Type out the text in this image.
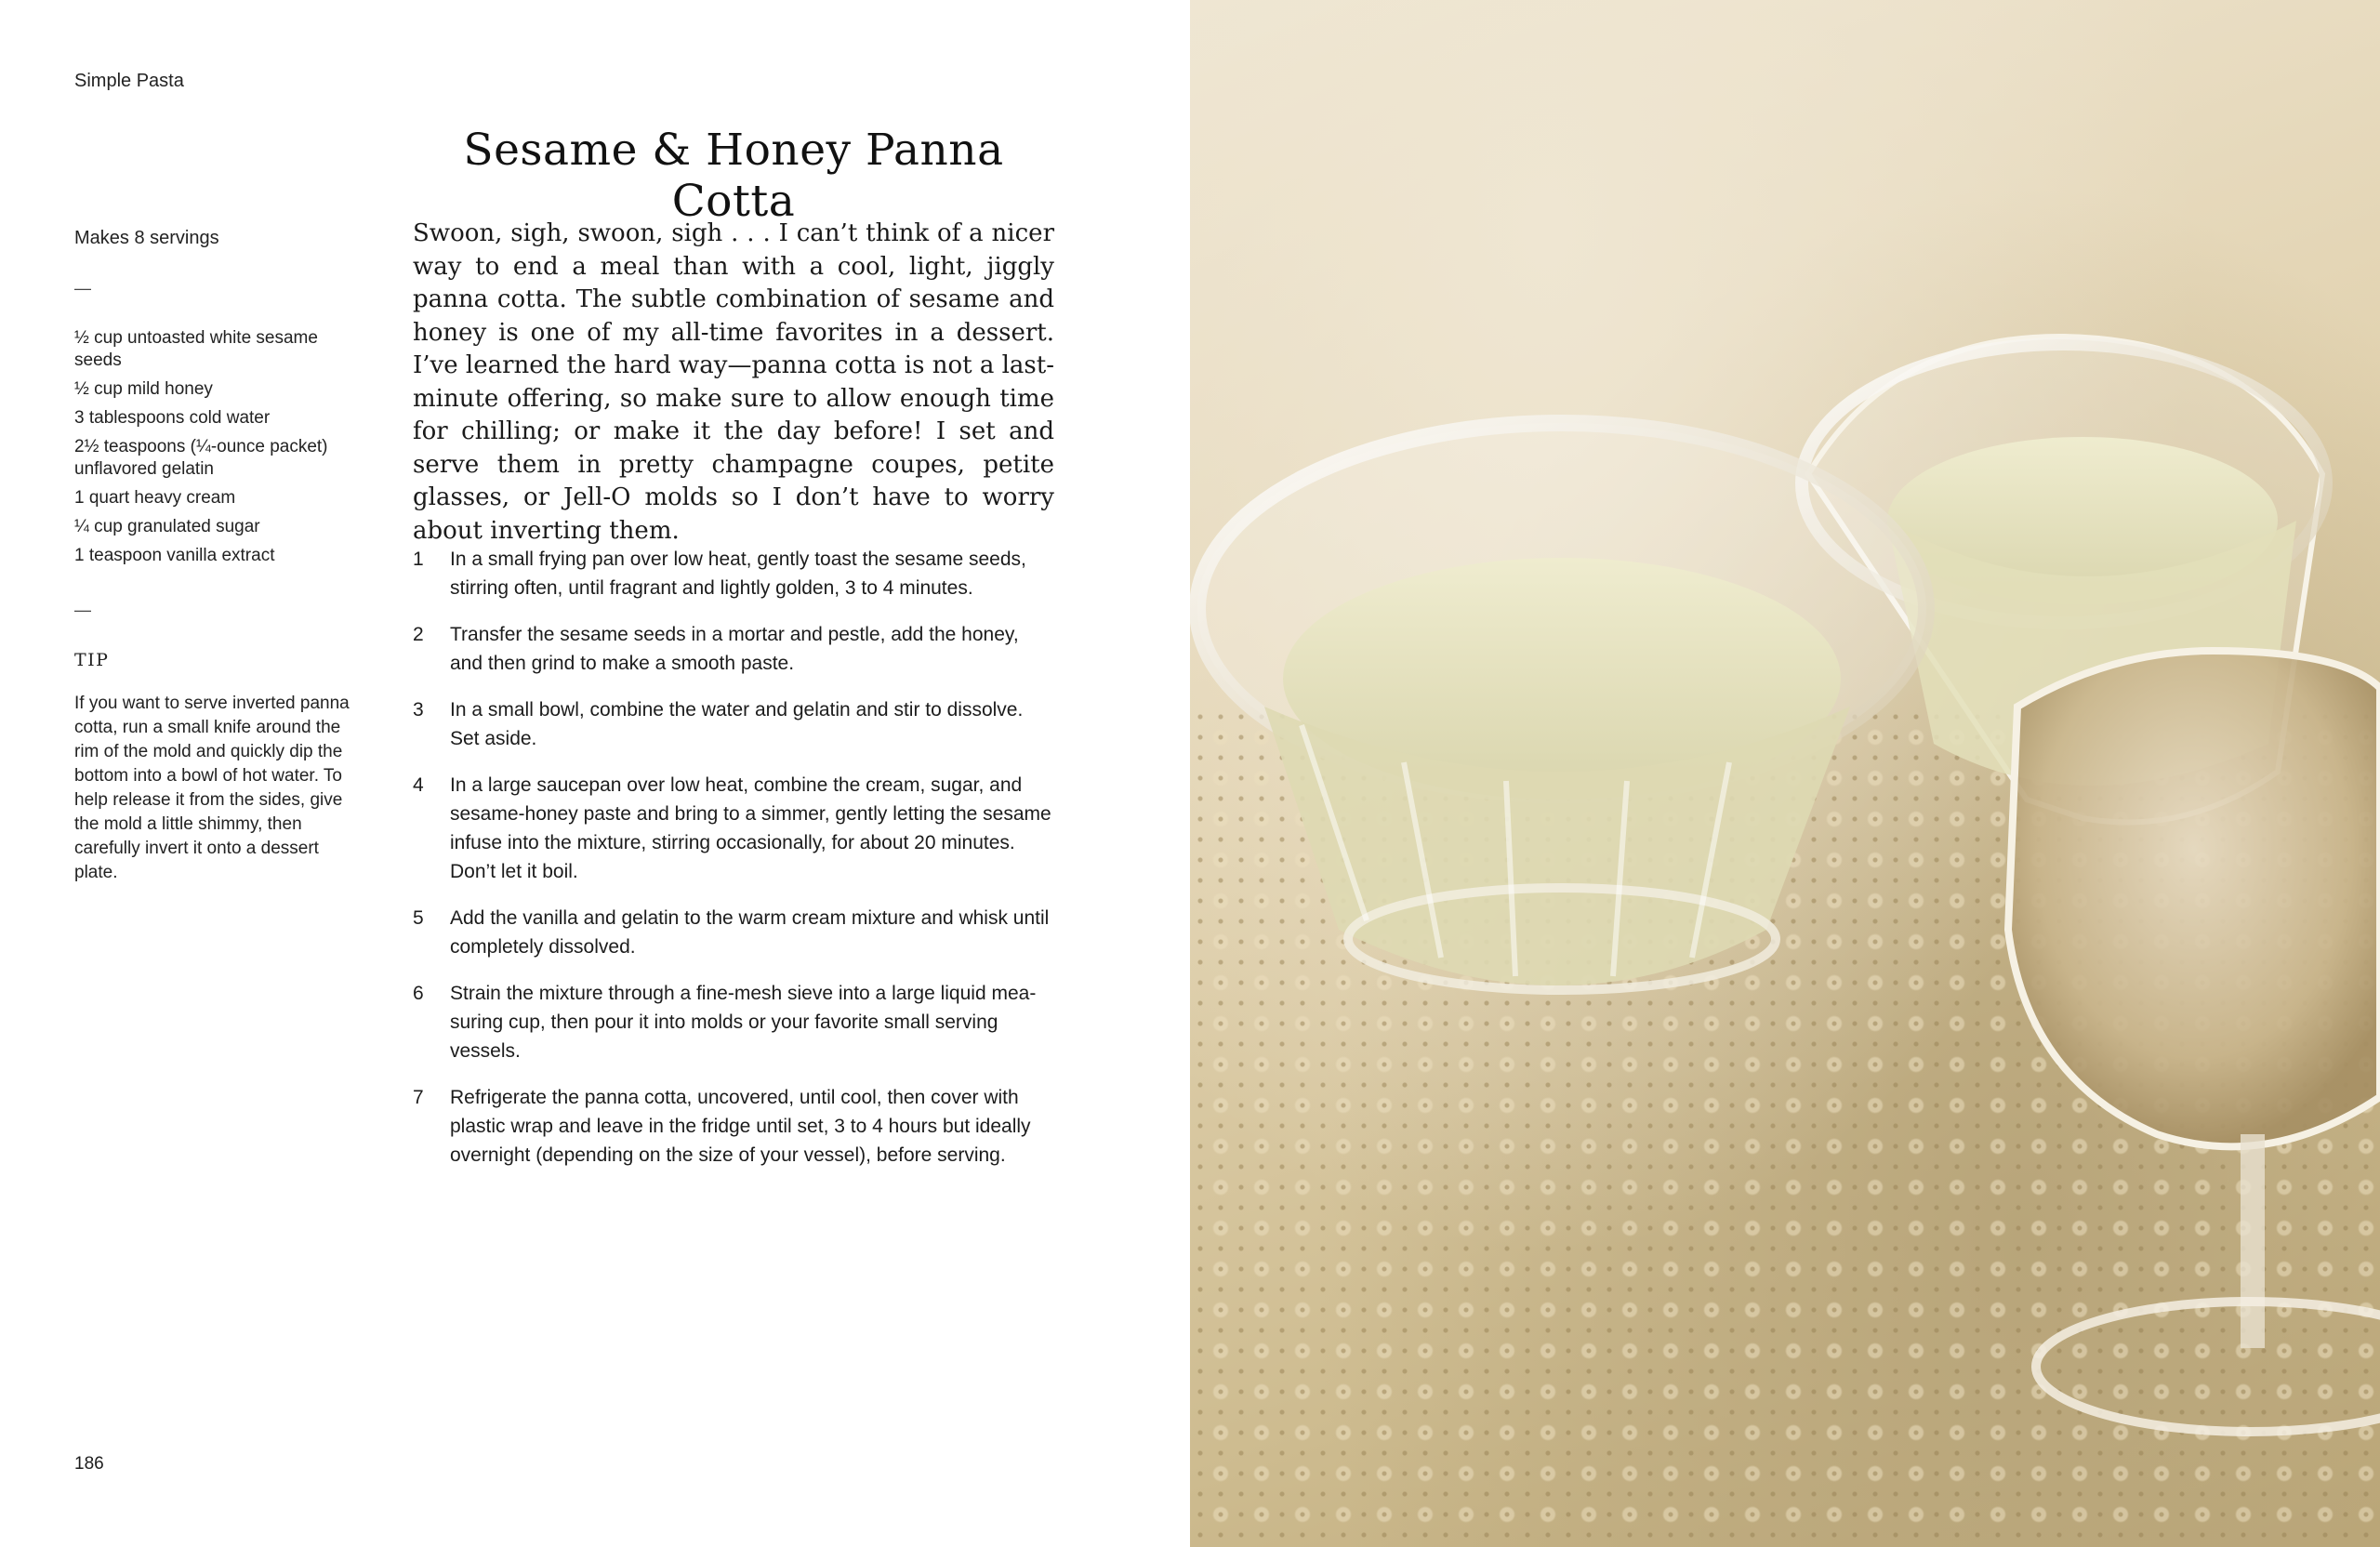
Simple Pasta
Sesame & Honey Panna Cotta

Makes 8 servings

—

½ cup untoasted white sesame seeds
½ cup mild honey
3 tablespoons cold water
2½ teaspoons (¼-ounce packet) unflavored gelatin
1 quart heavy cream
¼ cup granulated sugar
1 teaspoon vanilla extract

—

TIP

If you want to serve inverted panna cotta, run a small knife around the rim of the mold and quickly dip the bottom into a bowl of hot water. To help release it from the sides, give the mold a little shimmy, then carefully invert it onto a dessert plate.

Swoon, sigh, swoon, sigh . . . I can’t think of a nicer way to end a meal than with a cool, light, jiggly panna cotta. The subtle combination of sesame and honey is one of my all-time favorites in a dessert. I’ve learned the hard way—panna cotta is not a last-minute offering, so make sure to allow enough time for chilling; or make it the day before! I set and serve them in pretty champagne coupes, petite glasses, or Jell-O molds so I don’t have to worry about inverting them.

1	In a small frying pan over low heat, gently toast the sesame seeds, stirring often, until fragrant and lightly golden, 3 to 4 minutes.
2	Transfer the sesame seeds in a mortar and pestle, add the honey, and then grind to make a smooth paste.
3	In a small bowl, combine the water and gelatin and stir to dissolve. Set aside.
4	In a large saucepan over low heat, combine the cream, sugar, and sesame-honey paste and bring to a simmer, gently letting the sesame infuse into the mixture, stirring occasionally, for about 20 minutes. Don’t let it boil.
5	Add the vanilla and gelatin to the warm cream mixture and whisk until completely dissolved.
6	Strain the mixture through a fine-mesh sieve into a large liquid mea-suring cup, then pour it into molds or your favorite small serving vessels.
7	Refrigerate the panna cotta, uncovered, until cool, then cover with plastic wrap and leave in the fridge until set, 3 to 4 hours but ideally overnight (depending on the size of your vessel), before serving.
186
